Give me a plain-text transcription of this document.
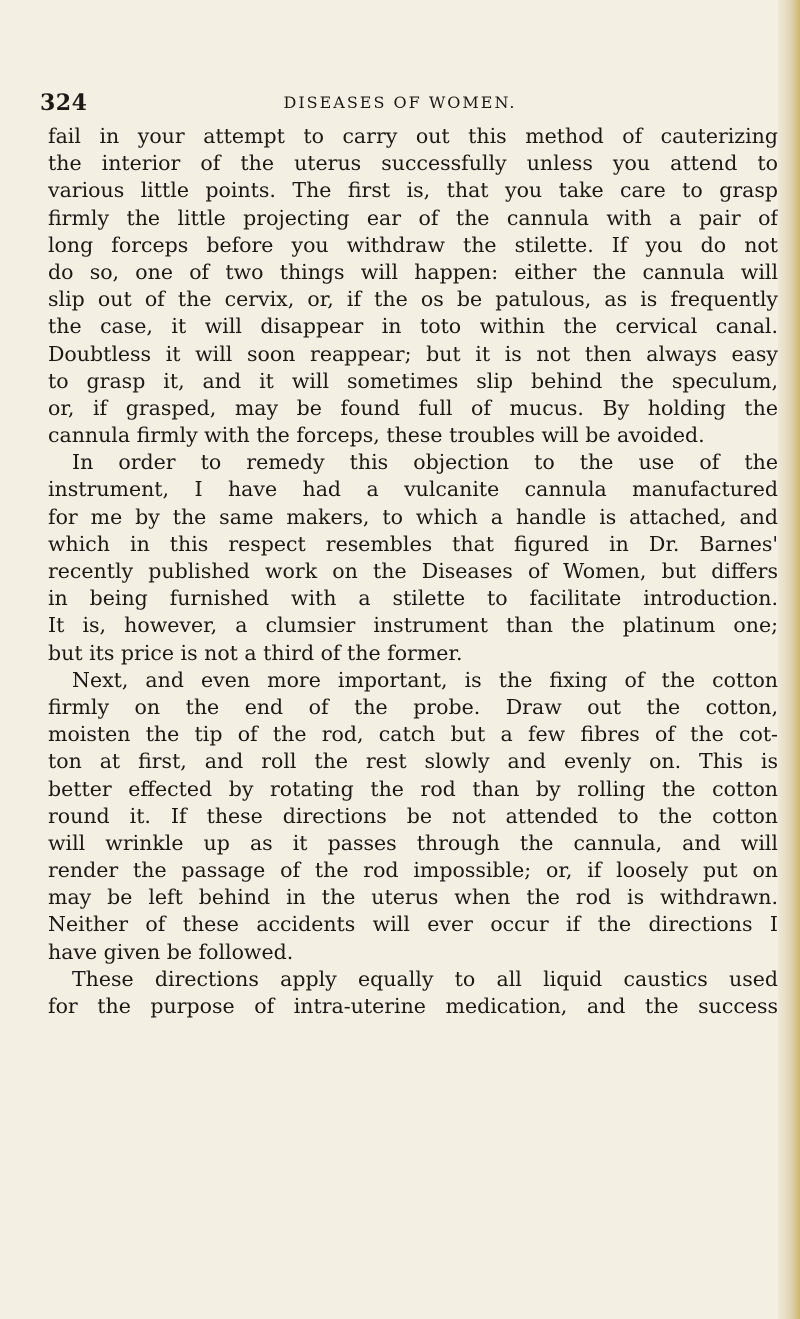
324	DISEASES OF WOMEN.
fail in your attempt to carry out this method of cauterizing
the interior of the uterus successfully unless you attend to
various little points. The first is, that you take care to grasp
firmly the little projecting ear of the cannula with a pair of
long forceps before you withdraw the stilette. If you do not
do so, one of two things will happen: either the cannula will
slip out of the cervix, or, if the os be patulous, as is frequently
the case, it will disappear in toto within the cervical canal.
Doubtless it will soon reappear; but it is not then always easy
to grasp it, and it will sometimes slip behind the speculum,
or, if grasped, may be found full of mucus. By holding the
cannula firmly with the forceps, these troubles will be avoided.
In order to remedy this objection to the use of the
instrument, I have had a vulcanite cannula manufactured
for me by the same makers, to which a handle is attached, and
which in this respect resembles that figured in Dr. Barnes'
recently published work on the Diseases of Women, but differs
in being furnished with a stilette to facilitate introduction.
It is, however, a clumsier instrument than the platinum one;
but its price is not a third of the former.
Next, and even more important, is the fixing of the cotton
firmly on the end of the probe. Draw out the cotton,
moisten the tip of the rod, catch but a few fibres of the cot-
ton at first, and roll the rest slowly and evenly on. This is
better effected by rotating the rod than by rolling the cotton
round it. If these directions be not attended to the cotton
will wrinkle up as it passes through the cannula, and will
render the passage of the rod impossible; or, if loosely put on
may be left behind in the uterus when the rod is withdrawn.
Neither of these accidents will ever occur if the directions I
have given be followed.
These directions apply equally to all liquid caustics used
for the purpose of intra-uterine medication, and the success
